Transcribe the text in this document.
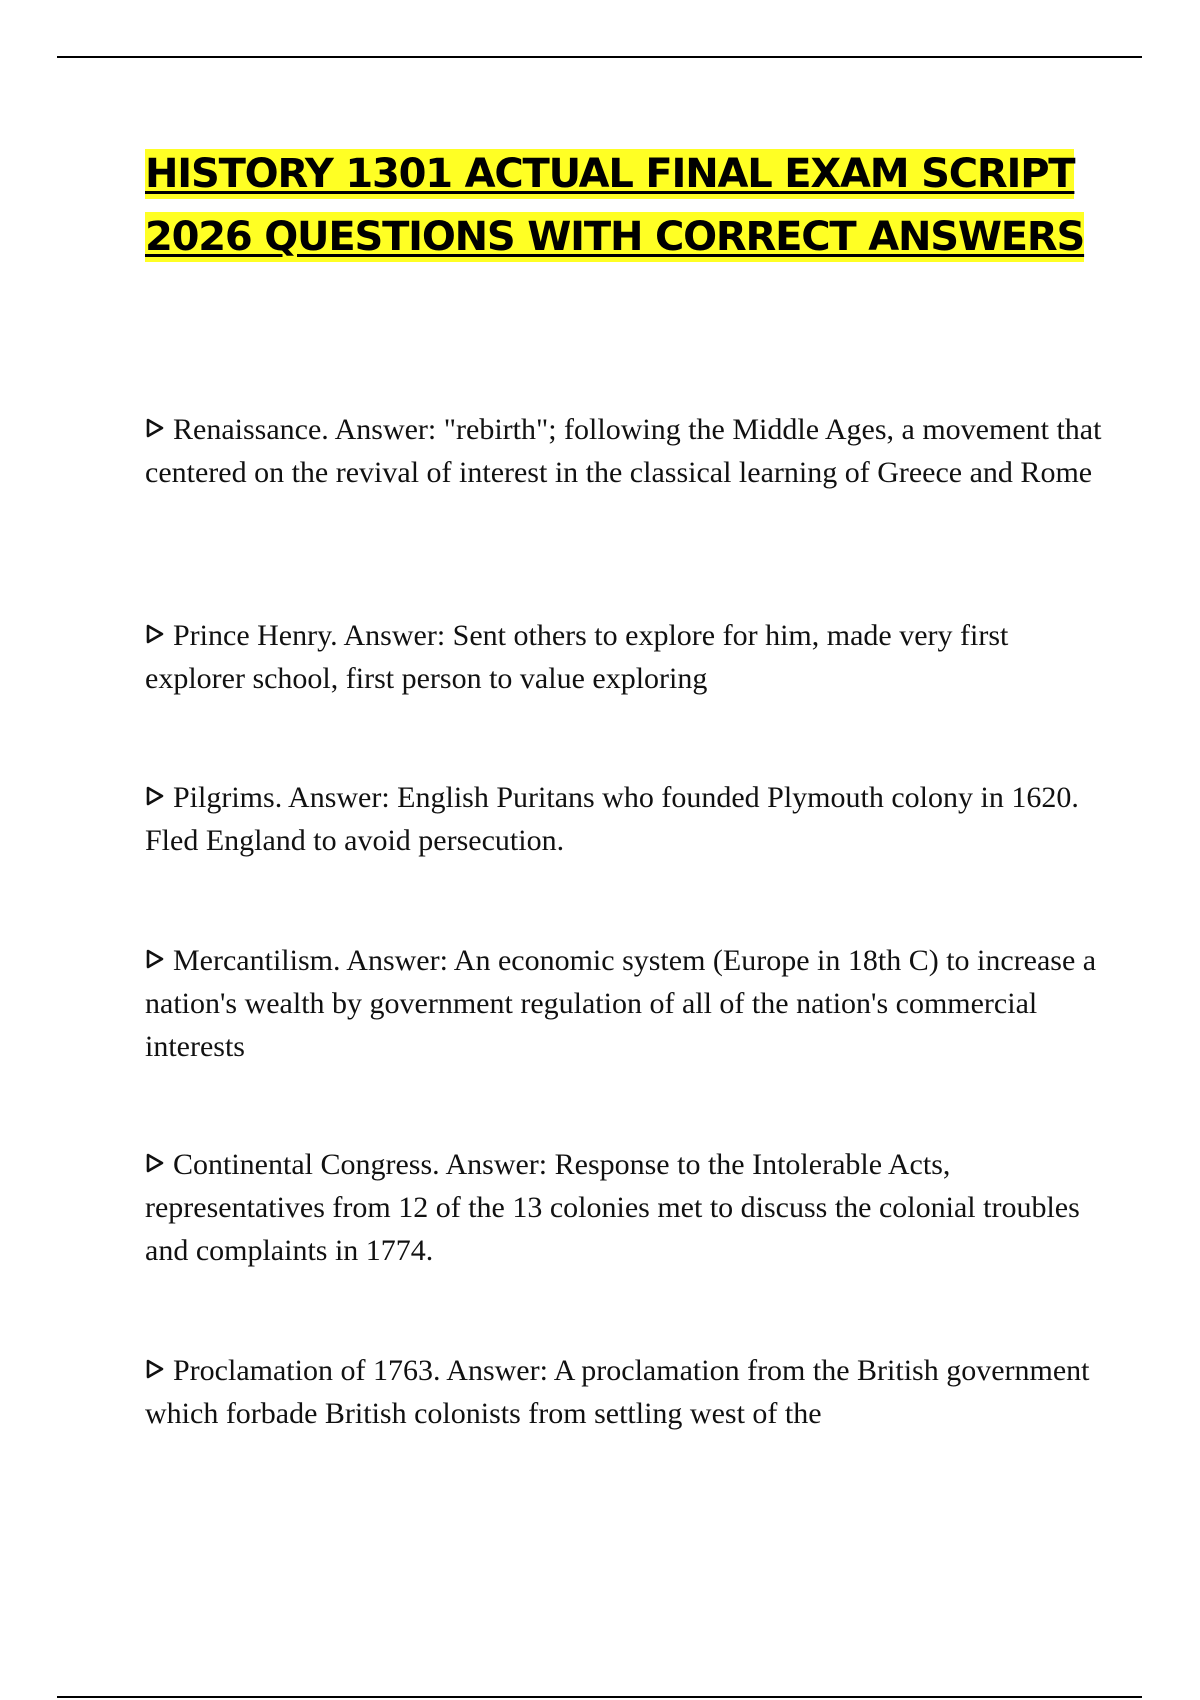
HISTORY 1301 ACTUAL FINAL EXAM SCRIPT 2026 QUESTIONS WITH CORRECT ANSWERS

Renaissance. Answer: "rebirth"; following the Middle Ages, a movement that centered on the revival of interest in the classical learning of Greece and Rome

Prince Henry. Answer: Sent others to explore for him, made very first explorer school, first person to value exploring

Pilgrims. Answer: English Puritans who founded Plymouth colony in 1620. Fled England to avoid persecution.

Mercantilism. Answer: An economic system (Europe in 18th C) to increase a nation's wealth by government regulation of all of the nation's commercial interests

Continental Congress. Answer: Response to the Intolerable Acts, representatives from 12 of the 13 colonies met to discuss the colonial troubles and complaints in 1774.

Proclamation of 1763. Answer: A proclamation from the British government which forbade British colonists from settling west of the
